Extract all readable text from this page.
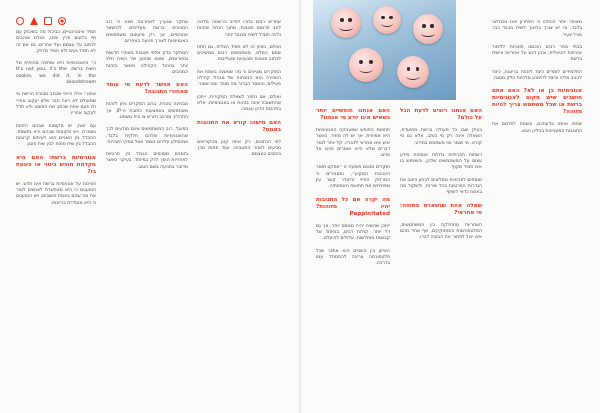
תמיד אינטרנטיים, כביכול מה בשיבוק עם מיי בלוגים פרץ ימינו, וכולם אוהבים לכתוב על עצמם ועל אחרים, גם אם זה לא תמיד נעים ולא תמיד מדויק.

כ״ והאנונימיות היא שותפה מהותית של השיח ברשת. It’s not you, it’s the cookie, we did it, in the bloodstream.

אתגר: אילו הייתי שכתב מבורת הרשת מי שמעולם לא ראה חבר שלא יעקוב אחרי ולו פעם אחת שכתב את הפוסט ולא חדל לעקוב אחריו.

עם זאת, יש מקומות שבהם הזהות נשמרת, ויש מקומות שבהם היא נחשפת. ההבדל בין השניים הוא לעיתים קרובות ההבדל בין שיח פתוח לבין שיח פוגע.

אנונימיות ברשת: האם היא מקדמת חופש ביטוי או פוגעת בו?

הוויכוח על אנונימיות ברשת אינו חדש. יש הטוענים כי היא מאפשרת לאנשים לומר את מה שהם באמת חושבים, ויש הטוענים כי היא מעודדת בריונות.

מחקר שנערך לאחרונה מצא כי רוב המגיבים ברשת מעדיפים להישאר אנונימיים, אך רק מיעוטם משתמשים באנונימיות לצורך פגיעה באחרים.

המחקר בדק אלפי תגובות באתרי חדשות ובפורומים, ומצא שהטון של השיח תלוי יותר בניהול הקהילה מאשר בזהות המגיבים.

האם אפשר לדעת מי עומד מאחורי התגובה?

מבחינה טכנית, ברוב המקרים ניתן לזהות משתמשים באמצעות כתובת ה-IP, אך התהליך מורכב ודורש צו בית משפט.

בפועל, רוב המשתמשים אינם מודעים לכך שהאנונימיות שלהם חלקית בלבד, ושהמידע עליהם נשמר אצל ספקי השירות.

בזמנים מסוימים הגבול בין פרטיות לאחריות הופך לדק במיוחד, בעיקר כאשר מדובר בפגיעה בשם הטוב.

אתרים רבים בחרו לחייב הרשמה מלאה לפני פרסום תגובות, מתוך הנחה שזהות גלויה תוביל לשיח מכובד יותר.

ואולם, ניסיון זה לא תמיד הצליח. גם תחת שמם המלא, משתמשים רבים ממשיכים לכתוב תגובות פוגעניות ומעליבות.

החוקרים מציינים כי מה שמשנה באמת את האווירה הוא הנוכחות של מנהלי קהילה פעילים, והמסר הברור מה מותר ומה אסור.

ואולם, אם נחזור לשאלה המקורית, ייתכן שהתשובה אינה בזהות או באנונימיות, אלא בתרבות הדיון עצמה.

האם מישהו קורא את התגובות באמת?

לפי הנתונים, רק אחוז קטן מהקוראים מגיעים לאזור התגובות, ועוד פחות מכך כותבים בעצמם.

האם אנחנו חופשיים יותר כשאיש אינו יודע מי אנחנו?

תחושת החופש שמעניקה האנונימיות היא אמיתית, אך יש לה מחיר. כאשר איש אינו אחראי לדבריו, קל יותר לומר דברים שלא היינו אומרים פנים אל פנים.

חוקרים מכנים תופעה זו ״אפקט חוסר העכבות המקוון״, ומסבירים כי המרחק הפיזי והיעדר קשר עין מפחיתים את תחושת האמפתיה.

מה יקרה אם כל התגובות יהיו מזוהות? Pappinitated

ייתכן שהשיח יהיה מנומס יותר, אך גם דל יותר. קולות רבים, במיוחד של קבוצות מוחלשות, עלולים להיעלם.

האיזון בין השניים הוא אתגר שכל פלטפורמה צריכה להתמודד עמו בדרכה.

האם אנחנו רוצים לדעת הכל על כולם?

בעידן שבו כל פעולה ברשת מתועדת, השאלה אינה רק מי כותב, אלא גם מי קורא, מי שומר ומי משתמש במידע.

רשתות חברתיות גדולות אוספות מידע עצום על המשתמשים שלהן, והשימוש בו אינו תמיד שקוף.

מומחים לפרטיות ממליצים לבחון היטב את הגדרות הפרטיות בכל שירות, ולשקול מה באמת כדאי לשתף.

שאלה אחת שנשארת פתוחה: מי אחראי?

האחריות מתחלקת בין המשתמשים, הפלטפורמות והמחוקקים. אף אחד מהם אינו יכול לפתור את הבעיה לבדו.

מאוחר יותר הוחלט כי הפתרון אינו טכנולוגי בלבד, וכי יש צורך בחינוך לשיח מכבד כבר מגיל צעיר.

בבתי ספר רבים הוכנסו תוכניות ללימוד אזרחות דיגיטלית, ובהן דגש על אחריות אישית ברשת.

התלמידים לומדים כיצד לזהות בריונות, כיצד להגיב אליה וכיצד להימנע מלהיות חלק ממנה.

אנונימיות כן או לא? האם אתם חושבים שיש מקום לאנונימיות ברשת או שכל משתמש צריך להיות מזוהה?

שתפו אותנו בדעתכם, ונשמח לפרסם את התגובות המעניינות בגיליון הבא.
